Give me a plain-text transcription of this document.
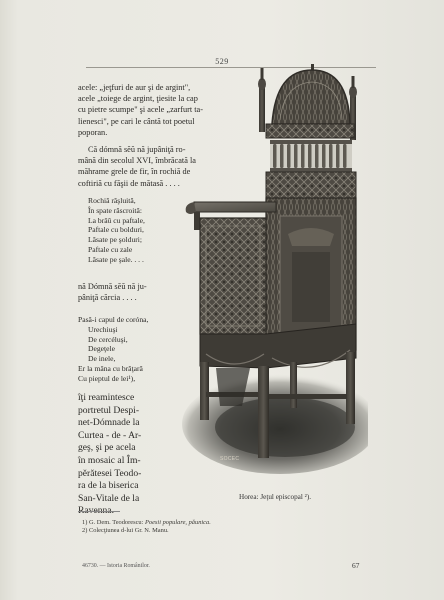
529
acele: „jeţfuri de aur şi de argint",
acele „toiege de argint, ţiesite la cap
cu pietre scumpe" şi acele „zarfurt ta-
lienesci", pe cari le cântă tot poetul
poporan.
Că dómnă sĕŭ nă jupâniţă ro-
mână din secolul XVI, îmbrăcată la
măhrame grele de fir, în rochiă de
coftiriă cu făşii de mătasă . . . .
Rochiă răşluită,
În spate răscroită:
La brâŭ cu paftale,
Paftale cu bolduri,
Lăsate pe şolduri;
Paftale cu zale
Lăsate pe şale. . . .
nă Dómnă sĕŭ nă ju-
pâniţă cărcia . . . .
Pasă-i capul de coróna,
Urechiuşi
De cercéluşi,
Degeţele
De inele,
Er la mâna cu brăţară
Cu pieptul de lei¹),
îţi reamintesce
portretul Despi-
net-Dómnade la
Curtea - de - Ar-
geş, şi pe acela
în mosaic al Îm-
pĕrătesei Teodo-
ra de la biserica
San-Vitale de la
Ravenna.
SOCEC
Horea: Jeţul episcopal ²).
1) G. Dem. Teodorescu: Poesii populare, păunica.
2) Colecţiunea d-lui Gr. N. Manu.
46730. — Istoria Românilor.	67
